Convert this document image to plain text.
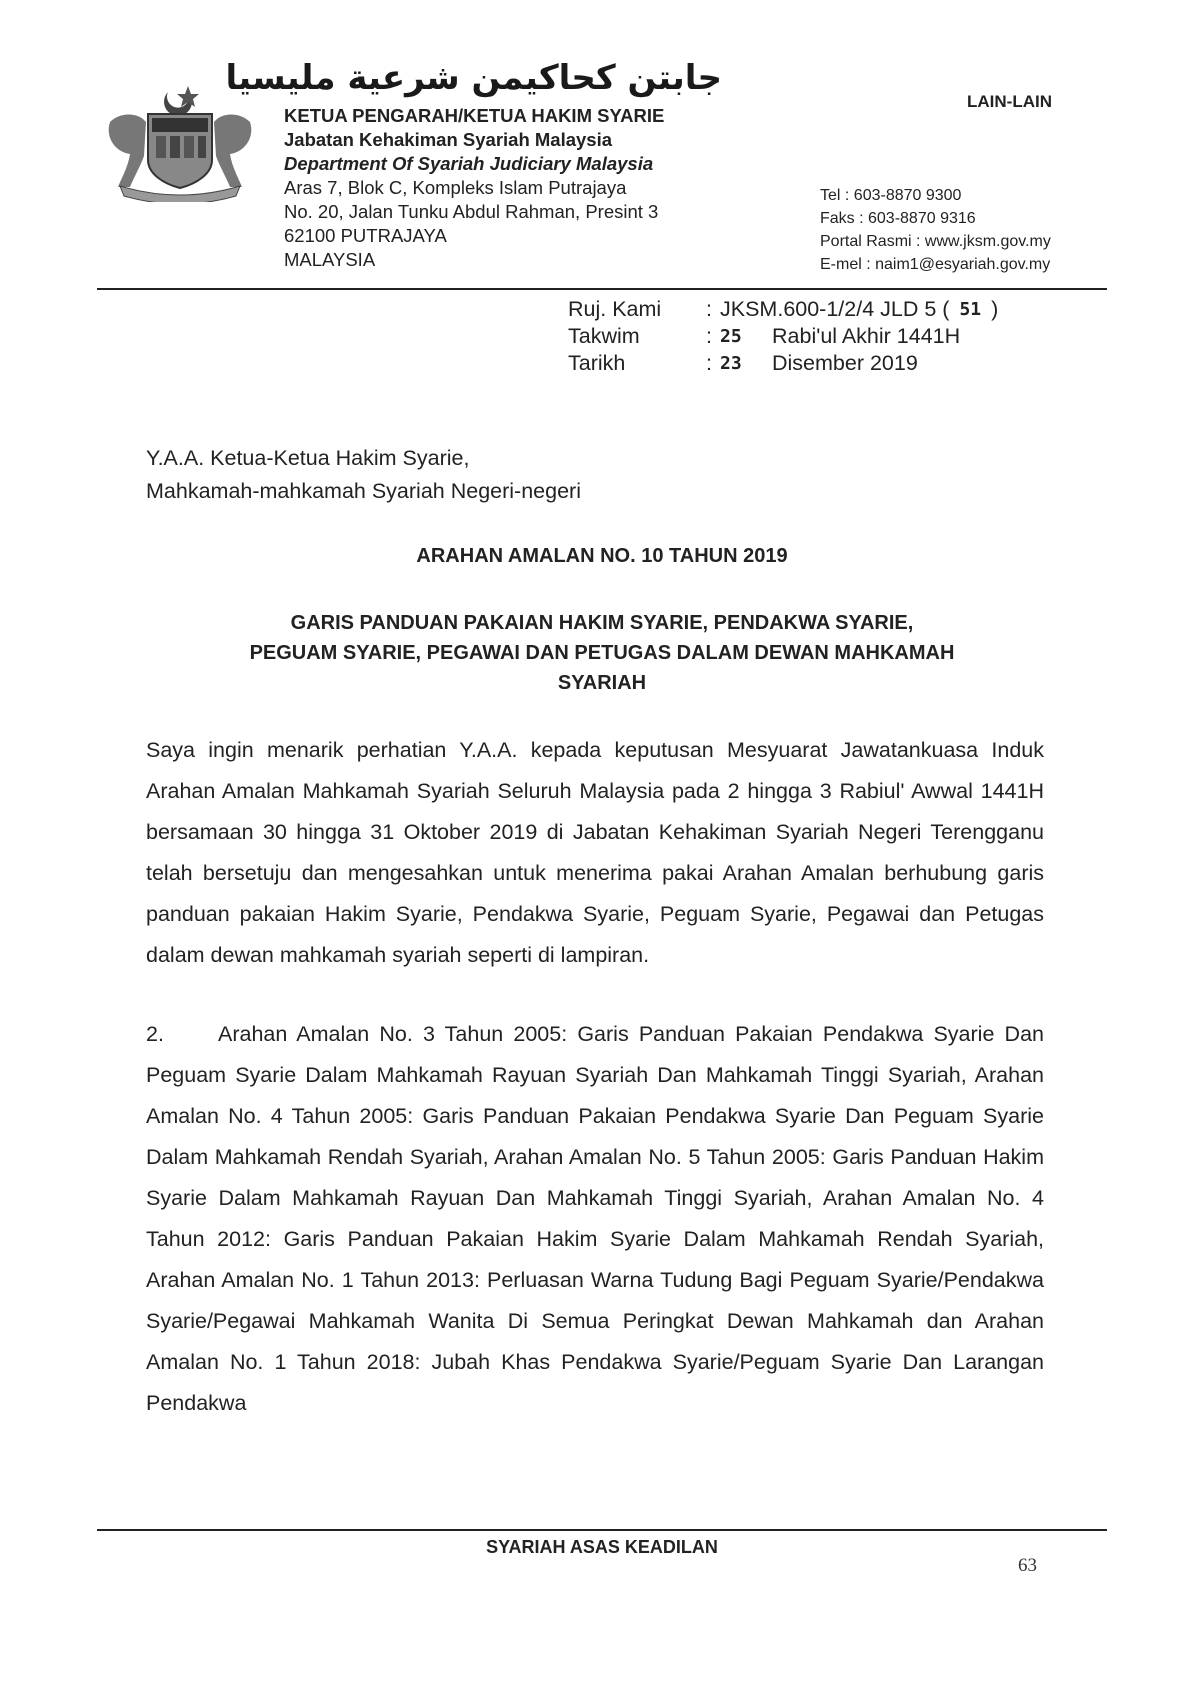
جابتن كحاكيمن شرعية مليسيا
KETUA PENGARAH/KETUA HAKIM SYARIE
Jabatan Kehakiman Syariah Malaysia
Department Of Syariah Judiciary Malaysia
Aras 7, Blok C, Kompleks Islam Putrajaya
No. 20, Jalan Tunku Abdul Rahman, Presint 3
62100 PUTRAJAYA
MALAYSIA
LAIN-LAIN
Tel : 603-8870 9300
Faks : 603-8870 9316
Portal Rasmi : www.jksm.gov.my
E-mel : naim1@esyariah.gov.my
Ruj. Kami	: JKSM.600-1/2/4 JLD 5 ( 51 )
Takwim	: 25	Rabi'ul Akhir 1441H
Tarikh	: 23	Disember 2019
Y.A.A. Ketua-Ketua Hakim Syarie,
Mahkamah-mahkamah Syariah Negeri-negeri
ARAHAN AMALAN NO. 10 TAHUN 2019
GARIS PANDUAN PAKAIAN HAKIM SYARIE, PENDAKWA SYARIE,
PEGUAM SYARIE, PEGAWAI DAN PETUGAS DALAM DEWAN MAHKAMAH
SYARIAH
Saya ingin menarik perhatian Y.A.A. kepada keputusan Mesyuarat Jawatankuasa Induk Arahan Amalan Mahkamah Syariah Seluruh Malaysia pada 2 hingga 3 Rabiul' Awwal 1441H bersamaan 30 hingga 31 Oktober 2019 di Jabatan Kehakiman Syariah Negeri Terengganu telah bersetuju dan mengesahkan untuk menerima pakai Arahan Amalan berhubung garis panduan pakaian Hakim Syarie, Pendakwa Syarie, Peguam Syarie, Pegawai dan Petugas dalam dewan mahkamah syariah seperti di lampiran.
2.	Arahan Amalan No. 3 Tahun 2005: Garis Panduan Pakaian Pendakwa Syarie Dan Peguam Syarie Dalam Mahkamah Rayuan Syariah Dan Mahkamah Tinggi Syariah, Arahan Amalan No. 4 Tahun 2005: Garis Panduan Pakaian Pendakwa Syarie Dan Peguam Syarie Dalam Mahkamah Rendah Syariah, Arahan Amalan No. 5 Tahun 2005: Garis Panduan Hakim Syarie Dalam Mahkamah Rayuan Dan Mahkamah Tinggi Syariah, Arahan Amalan No. 4 Tahun 2012: Garis Panduan Pakaian Hakim Syarie Dalam Mahkamah Rendah Syariah, Arahan Amalan No. 1 Tahun 2013: Perluasan Warna Tudung Bagi Peguam Syarie/Pendakwa Syarie/Pegawai Mahkamah Wanita Di Semua Peringkat Dewan Mahkamah dan Arahan Amalan No. 1 Tahun 2018: Jubah Khas Pendakwa Syarie/Peguam Syarie Dan Larangan Pendakwa
SYARIAH ASAS KEADILAN
63
